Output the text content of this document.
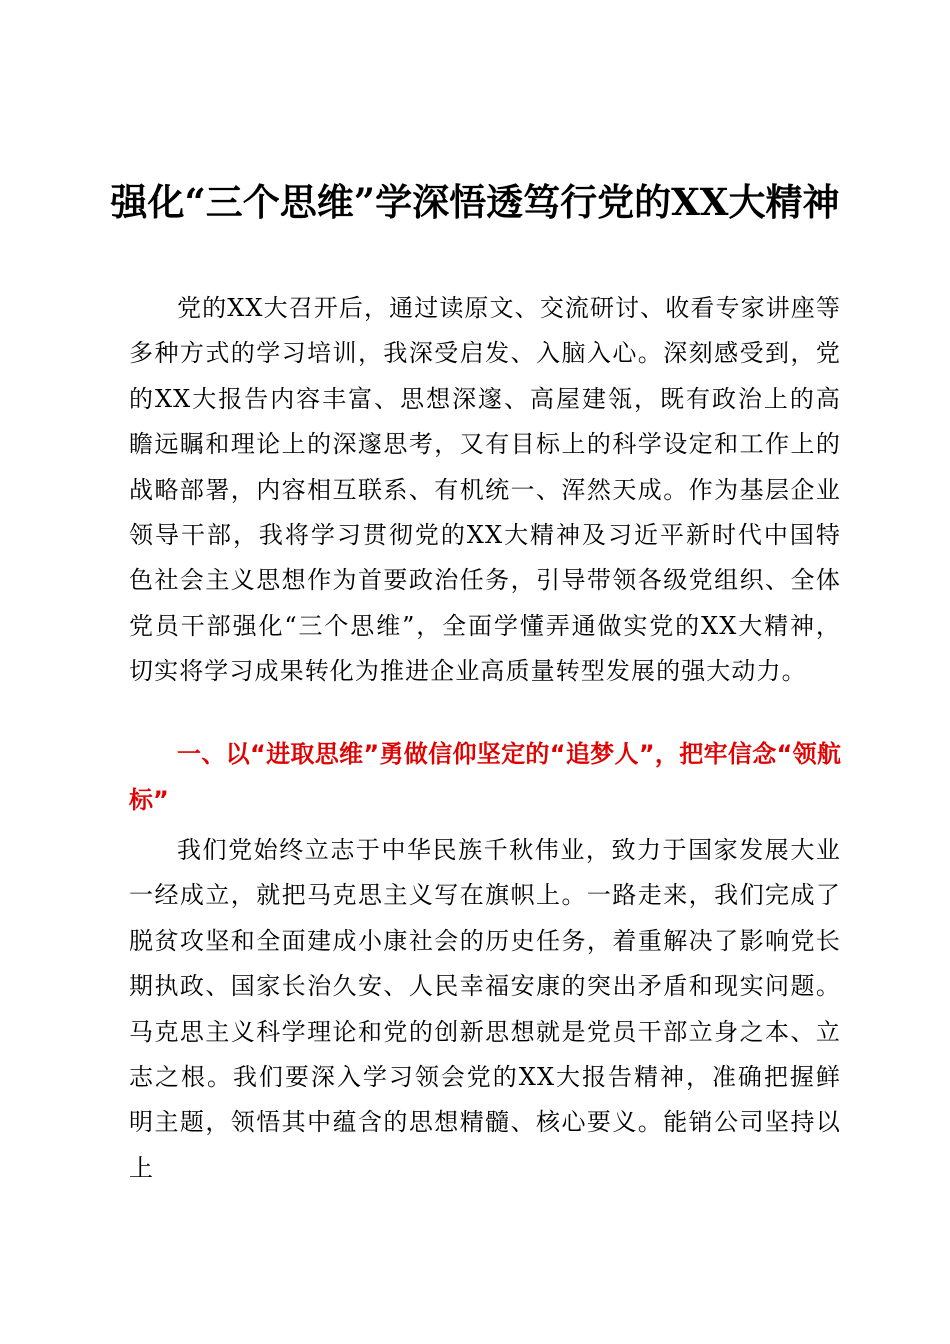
强化“三个思维”学深悟透笃行党的XX大精神

党的XX大召开后，通过读原文、交流研讨、收看专家讲座等多种方式的学习培训，我深受启发、入脑入心。深刻感受到，党的XX大报告内容丰富、思想深邃、高屋建瓴，既有政治上的高瞻远瞩和理论上的深邃思考，又有目标上的科学设定和工作上的战略部署，内容相互联系、有机统一、浑然天成。作为基层企业领导干部，我将学习贯彻党的XX大精神及习近平新时代中国特色社会主义思想作为首要政治任务，引导带领各级党组织、全体党员干部强化“三个思维”，全面学懂弄通做实党的XX大精神，切实将学习成果转化为推进企业高质量转型发展的强大动力。

一、以“进取思维”勇做信仰坚定的“追梦人”，把牢信念“领航标”

我们党始终立志于中华民族千秋伟业，致力于国家发展大业一经成立，就把马克思主义写在旗帜上。一路走来，我们完成了脱贫攻坚和全面建成小康社会的历史任务，着重解决了影响党长期执政、国家长治久安、人民幸福安康的突出矛盾和现实问题。马克思主义科学理论和党的创新思想就是党员干部立身之本、立志之根。我们要深入学习领会党的XX大报告精神，准确把握鲜明主题，领悟其中蕴含的思想精髓、核心要义。能销公司坚持以上
